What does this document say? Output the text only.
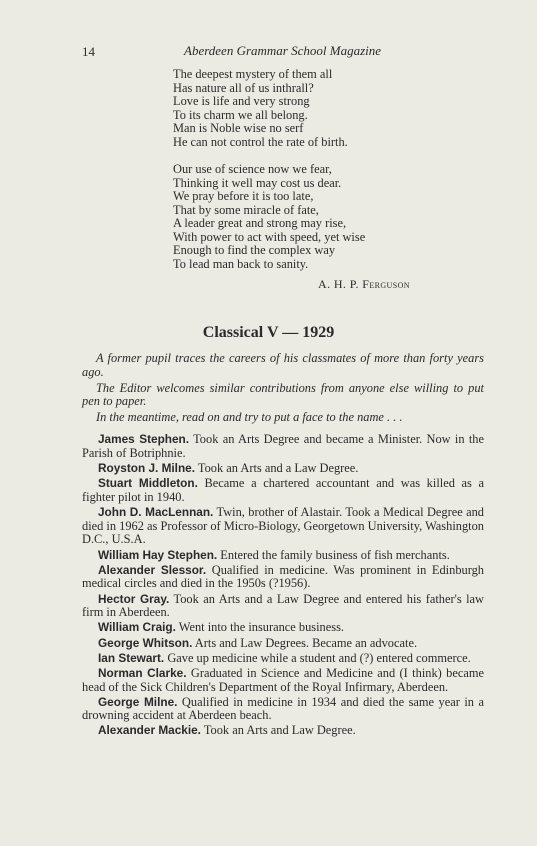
14	Aberdeen Grammar School Magazine
The deepest mystery of them all
Has nature all of us inthrall?
Love is life and very strong
To its charm we all belong.
Man is Noble wise no serf
He can not control the rate of birth.
Our use of science now we fear,
Thinking it well may cost us dear.
We pray before it is too late,
That by some miracle of fate,
A leader great and strong may rise,
With power to act with speed, yet wise
Enough to find the complex way
To lead man back to sanity.
A. H. P. Ferguson
Classical V — 1929

A former pupil traces the careers of his classmates of more than forty years ago.

The Editor welcomes similar contributions from anyone else willing to put pen to paper.

In the meantime, read on and try to put a face to the name . . .

James Stephen. Took an Arts Degree and became a Minister. Now in the Parish of Botriphnie.

Royston J. Milne. Took an Arts and a Law Degree.

Stuart Middleton. Became a chartered accountant and was killed as a fighter pilot in 1940.

John D. MacLennan. Twin, brother of Alastair. Took a Medical Degree and died in 1962 as Professor of Micro-Biology, Georgetown University, Washington D.C., U.S.A.

William Hay Stephen. Entered the family business of fish merchants.

Alexander Slessor. Qualified in medicine. Was prominent in Edinburgh medical circles and died in the 1950s (?1956).

Hector Gray. Took an Arts and a Law Degree and entered his father's law firm in Aberdeen.

William Craig. Went into the insurance business.

George Whitson. Arts and Law Degrees. Became an advocate.

Ian Stewart. Gave up medicine while a student and (?) entered commerce.

Norman Clarke. Graduated in Science and Medicine and (I think) became head of the Sick Children's Department of the Royal Infirmary, Aberdeen.

George Milne. Qualified in medicine in 1934 and died the same year in a drowning accident at Aberdeen beach.

Alexander Mackie. Took an Arts and Law Degree.
